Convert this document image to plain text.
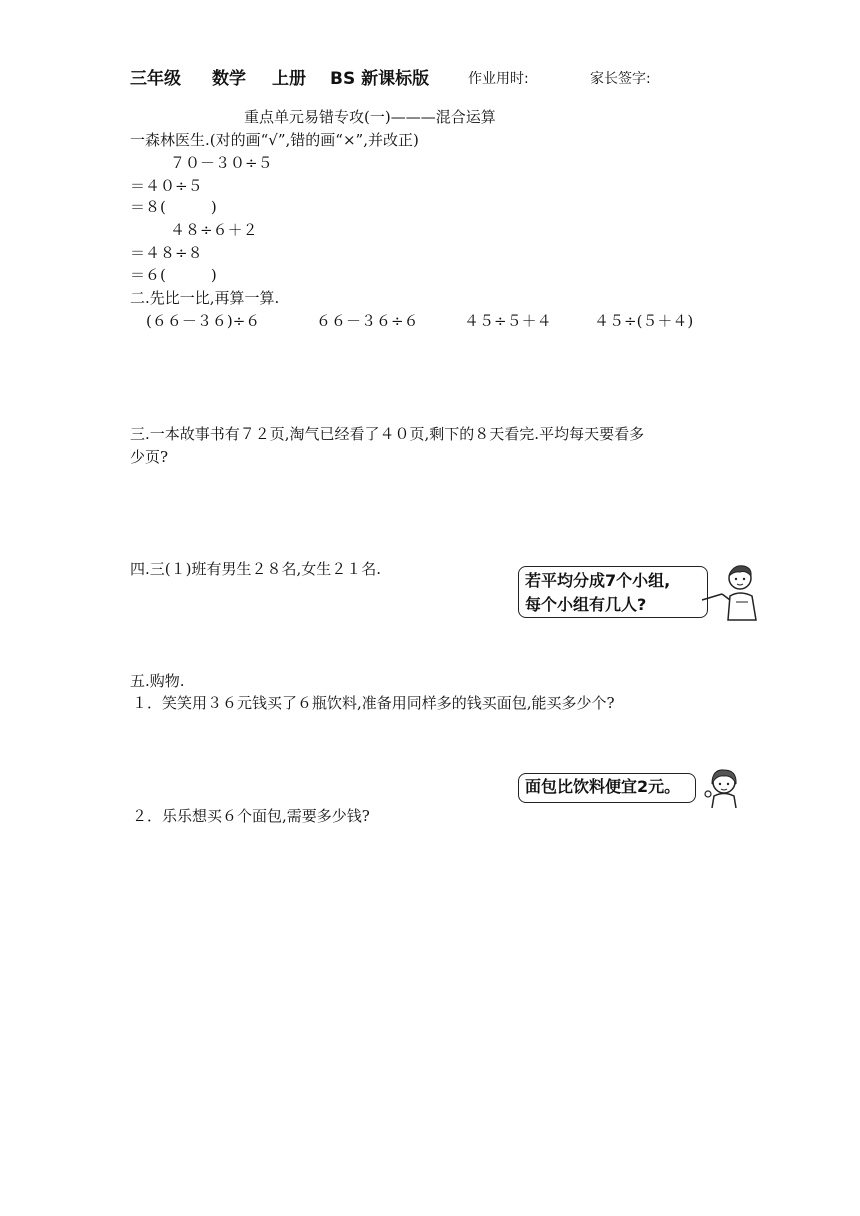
三年级 数学 上册 BS 新课标版	作业用时:	家长签字:
重点单元易错专攻(一)———混合运算
一森林医生.(对的画“√”,错的画“×”,并改正)
７０－３０÷５
＝４０÷５
＝８(　　　)
４８÷６＋２
＝４８÷８
＝６(　　　)
二.先比一比,再算一算.
(６６－３６)÷６	６６－３６÷６	４５÷５＋４	４５÷(５＋４)
三.一本故事书有７２页,淘气已经看了４０页,剩下的８天看完.平均每天要看多
少页?
四.三(１)班有男生２８名,女生２１名.
若平均分成7个小组,
每个小组有几人?
五.购物.
１．笑笑用３６元钱买了６瓶饮料,准备用同样多的钱买面包,能买多少个?
面包比饮料便宜2元。
２．乐乐想买６个面包,需要多少钱?
